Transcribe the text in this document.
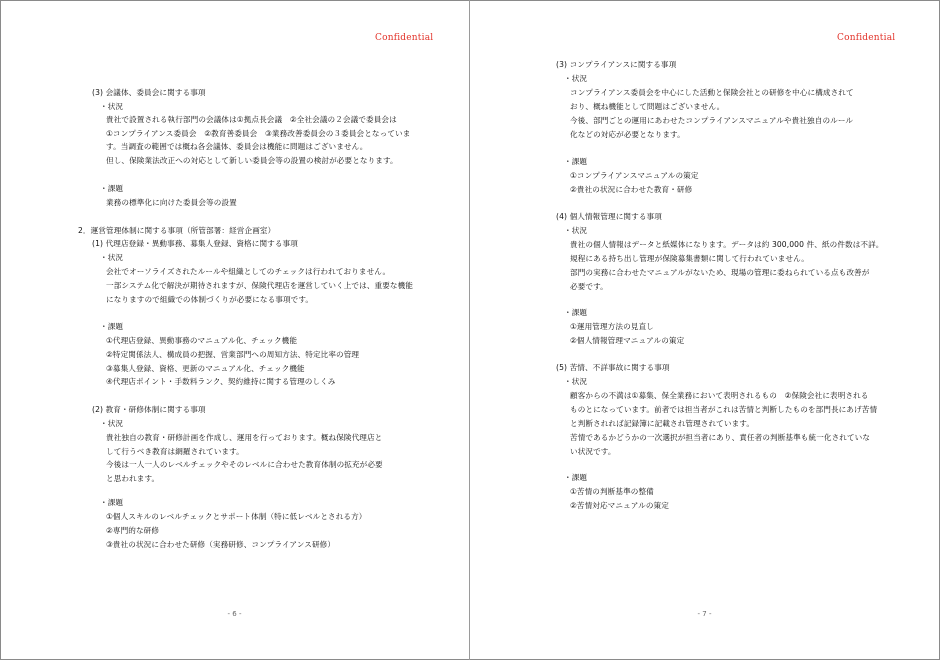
Confidential
(3) 会議体、委員会に関する事項
・状況
貴社で設置される執行部門の会議体は①拠点長会議　②全社会議の２会議で委員会は
①コンプライアンス委員会　②教育善委員会　③業務改善委員会の３委員会となっていま
す。当調査の範囲では概ね各会議体、委員会は機能に問題はございません。
但し、保険業法改正への対応として新しい委員会等の設置の検討が必要となります。
・課題
業務の標準化に向けた委員会等の設置
2．運営管理体制に関する事項（所管部署：経営企画室）
(1) 代理店登録・異動事務、募集人登録、資格に関する事項
・状況
会社でオーソライズされたルールや組織としてのチェックは行われておりません。
一部システム化で解決が期待されますが、保険代理店を運営していく上では、重要な機能
になりますので組織での体制づくりが必要になる事項です。
・課題
①代理店登録、異動事務のマニュアル化、チェック機能
②特定関係法人、構成員の把握、営業部門への周知方法、特定比率の管理
③募集人登録、資格、更新のマニュアル化、チェック機能
④代理店ポイント・手数料ランク、契約維持に関する管理のしくみ
(2) 教育・研修体制に関する事項
・状況
貴社独自の教育・研修計画を作成し、運用を行っております。概ね保険代理店と
して行うべき教育は網羅されています。
今後は一人一人のレベルチェックやそのレベルに合わせた教育体制の拡充が必要
と思われます。
・課題
①個人スキルのレベルチェックとサポート体制（特に低レベルとされる方）
②専門的な研修
③貴社の状況に合わせた研修（実務研修、コンプライアンス研修）
- 6 -
Confidential
(3) コンプライアンスに関する事項
・状況
コンプライアンス委員会を中心にした活動と保険会社との研修を中心に構成されて
おり、概ね機能として問題はございません。
今後、部門ごとの運用にあわせたコンプライアンスマニュアルや貴社独自のルール
化などの対応が必要となります。
・課題
①コンプライアンスマニュアルの策定
②貴社の状況に合わせた教育・研修
(4) 個人情報管理に関する事項
・状況
貴社の個人情報はデータと紙媒体になります。データは約 300,000 件、紙の件数は不詳。
規程にある持ち出し管理が保険募集書類に関して行われていません。
部門の実務に合わせたマニュアルがないため、現場の管理に委ねられている点も改善が
必要です。
・課題
①運用管理方法の見直し
②個人情報管理マニュアルの策定
(5) 苦情、不詳事故に関する事項
・状況
顧客からの不満は①募集、保全業務において表明されるもの　②保険会社に表明される
ものとになっています。前者では担当者がこれは苦情と判断したものを部門長にあげ苦情
と判断されれば記録簿に記載され管理されています。
苦情であるかどうかの一次選択が担当者にあり、責任者の判断基準も統一化されていな
い状況です。
・課題
①苦情の判断基準の整備
②苦情対応マニュアルの策定
- 7 -
